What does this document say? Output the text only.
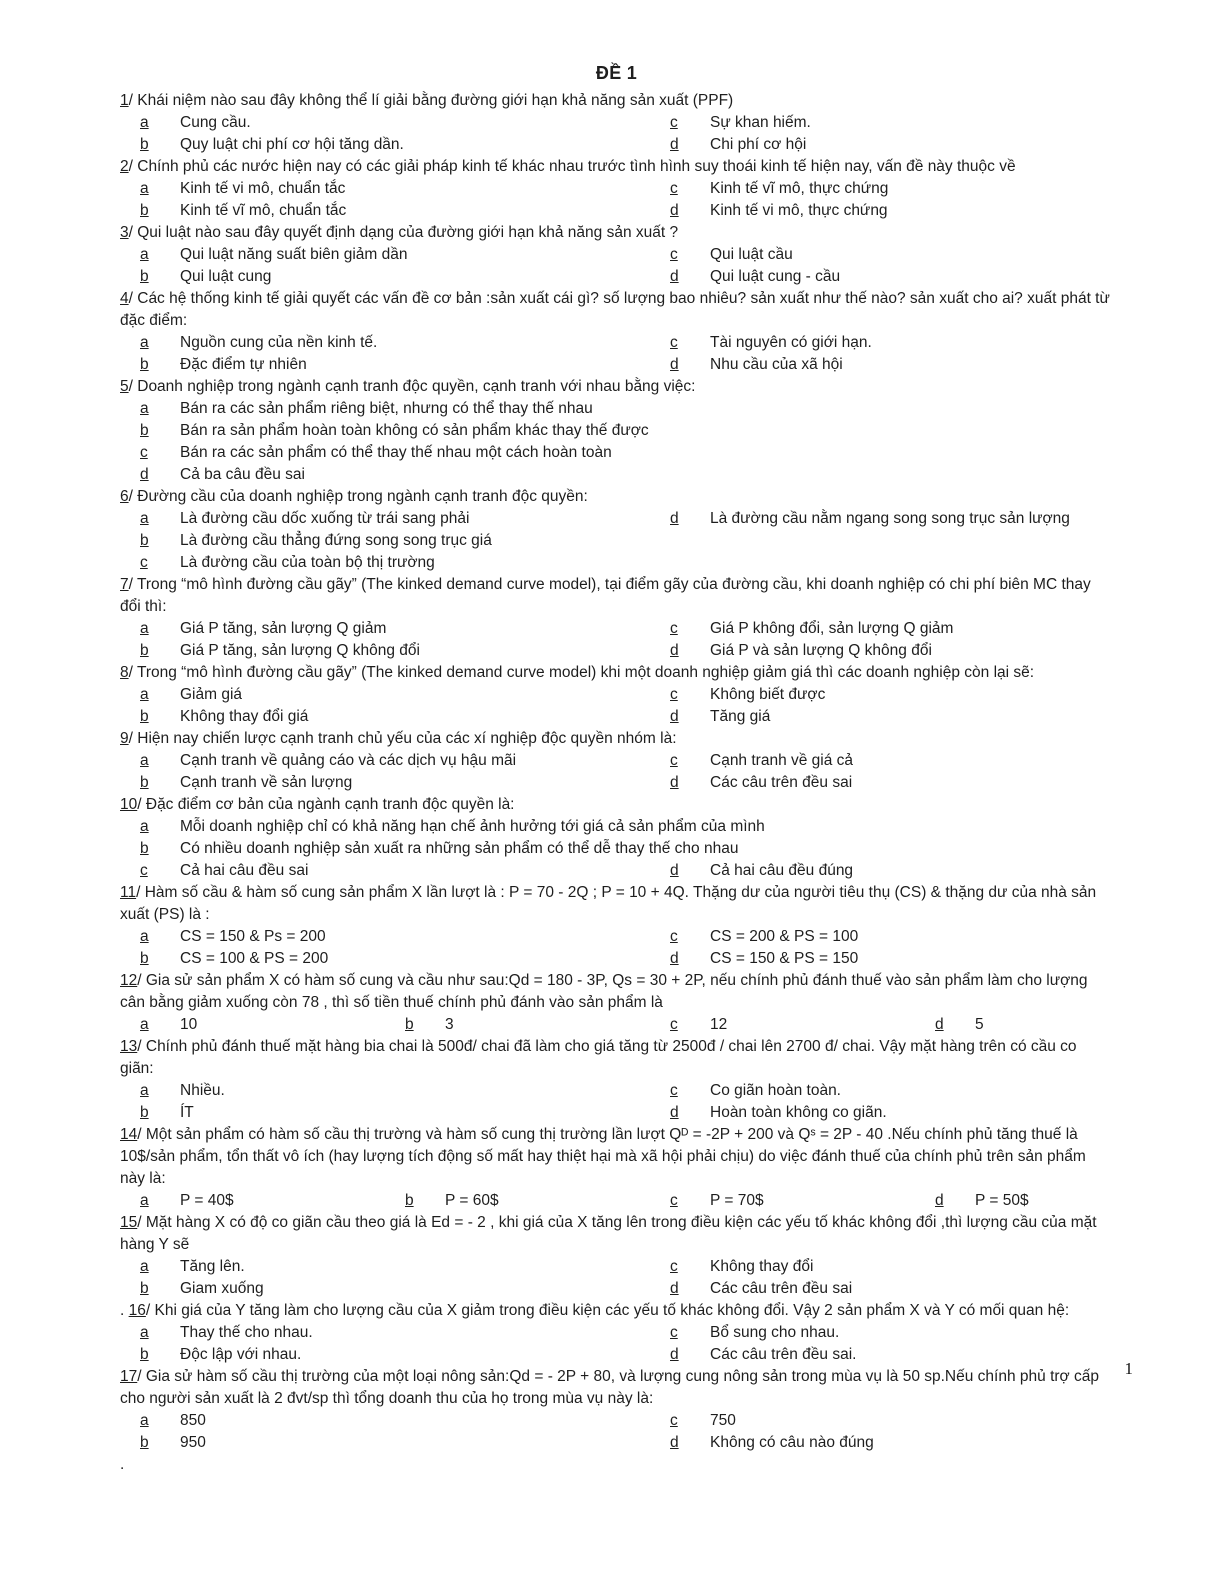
ĐỀ 1
1/ Khái niệm nào sau đây không thể lí giải bằng đường giới hạn khả năng sản xuất (PPF)
a	Cung cầu.	c	Sự khan hiếm.
b	Quy luật chi phí cơ hội tăng dần.	d	Chi phí cơ hội
2/ Chính phủ các nước hiện nay có các giải pháp kinh tế khác nhau trước tình hình suy thoái kinh tế hiện nay, vấn đề này thuộc về
a	Kinh tế vi mô, chuẩn tắc	c	Kinh tế vĩ mô, thực chứng
b	Kinh tế vĩ mô, chuẩn tắc	d	Kinh tế vi mô, thực chứng
3/ Qui luật nào sau đây quyết định dạng của đường giới hạn khả năng sản xuất ?
a	Qui luật năng suất biên giảm dần	c	Qui luật cầu
b	Qui luật cung	d	Qui luật cung - cầu
4/ Các hệ thống kinh tế giải quyết các vấn đề cơ bản :sản xuất cái gì? số lượng bao nhiêu? sản xuất như thế nào? sản xuất cho ai? xuất phát từ đặc điểm:
a	Nguồn cung của nền kinh tế.	c	Tài nguyên có giới hạn.
b	Đặc điểm tự nhiên	d	Nhu cầu của xã hội
5/ Doanh nghiệp trong ngành cạnh tranh độc quyền, cạnh tranh với nhau bằng việc:
a	Bán ra các sản phẩm riêng biệt, nhưng có thể thay thế nhau
b	Bán ra sản phẩm hoàn toàn không có sản phẩm khác thay thế được
c	Bán ra các sản phẩm có thể thay thế nhau một cách hoàn toàn
d	Cả ba câu đều sai
6/ Đường cầu của doanh nghiệp trong ngành cạnh tranh độc quyền:
a	Là đường cầu dốc xuống từ trái sang phải
b	Là đường cầu thẳng đứng song song trục giá
c	Là đường cầu của toàn bộ thị trường
d	Là đường cầu nằm ngang song song trục sản lượng
7/ Trong “mô hình đường cầu gãy” (The kinked demand curve model), tại điểm gãy của đường cầu, khi doanh nghiệp có chi phí biên MC thay đổi thì:
a	Giá P tăng, sản lượng Q giảm	c	Giá P không đổi, sản lượng Q giảm
b	Giá P tăng, sản lượng Q không đổi	d	Giá P và sản lượng Q không đổi
8/ Trong “mô hình đường cầu gãy” (The kinked demand curve model) khi một doanh nghiệp giảm giá thì các doanh nghiệp còn lại sẽ:
a	Giảm giá	c	Không biết được
b	Không thay đổi giá	d	Tăng giá
9/ Hiện nay chiến lược cạnh tranh chủ yếu của các xí nghiệp độc quyền nhóm là:
a	Cạnh tranh về quảng cáo và các dịch vụ hậu mãi	c	Cạnh tranh về giá cả
b	Cạnh tranh về sản lượng	d	Các câu trên đều sai
10/ Đặc điểm cơ bản của ngành cạnh tranh độc quyền là:
a	Mỗi doanh nghiệp chỉ có khả năng hạn chế ảnh hưởng tới giá cả sản phẩm của mình
b	Có nhiều doanh nghiệp sản xuất ra những sản phẩm có thể dễ thay thế cho nhau
c	Cả hai câu đều sai	d	Cả hai câu đều đúng
11/ Hàm số cầu & hàm số cung sản phẩm X lần lượt là : P = 70 - 2Q ; P = 10 + 4Q. Thặng dư của người tiêu thụ (CS) & thặng dư của nhà sản xuất (PS) là :
a	CS = 150 & Ps = 200	c	CS = 200 & PS = 100
b	CS = 100 & PS = 200	d	CS = 150 & PS = 150
12/ Gia sử sản phẩm X có hàm số cung và cầu như sau:Qd = 180 - 3P, Qs = 30 + 2P, nếu chính phủ đánh thuế vào sản phẩm làm cho lượng cân bằng giảm xuống còn 78 , thì số tiền thuế chính phủ đánh vào sản phẩm là
a	10	b	3	c	12	d	5
13/ Chính phủ đánh thuế mặt hàng bia chai là 500đ/ chai đã làm cho giá tăng từ 2500đ / chai lên 2700 đ/ chai. Vậy mặt hàng trên có cầu co giãn:
a	Nhiều.	c	Co giãn hoàn toàn.
b	ÍT	d	Hoàn toàn không co giãn.
14/ Một sản phẩm có hàm số cầu thị trường và hàm số cung thị trường lần lượt Qᴰ = -2P + 200 và Qˢ = 2P - 40 .Nếu chính phủ tăng thuế là 10$/sản phẩm, tổn thất vô ích (hay lượng tích động số mất hay thiệt hại mà xã hội phải chịu) do việc đánh thuế của chính phủ trên sản phẩm này là:
a	P = 40$	b	P = 60$	c	P = 70$	d	P = 50$
15/ Mặt hàng X có độ co giãn cầu theo giá là Ed = - 2 , khi giá của X tăng lên trong điều kiện các yếu tố khác không đổi ,thì lượng cầu của mặt hàng Y sẽ
a	Tăng lên.	c	Không thay đổi
b	Giam xuống	d	Các câu trên đều sai
. 16/ Khi giá của Y tăng làm cho lượng cầu của X giảm trong điều kiện các yếu tố khác không đổi. Vậy 2 sản phẩm X và Y có mối quan hệ:
a	Thay thế cho nhau.	c	Bổ sung cho nhau.
b	Độc lập với nhau.	d	Các câu trên đều sai.
17/ Gia sử hàm số cầu thị trường của một loại nông sản:Qd = - 2P + 80, và lượng cung nông sản trong mùa vụ là 50 sp.Nếu chính phủ trợ cấp cho người sản xuất là 2 đvt/sp thì tổng doanh thu của họ trong mùa vụ này là:
a	850	c	750
b	950	d	Không có câu nào đúng
.
1
